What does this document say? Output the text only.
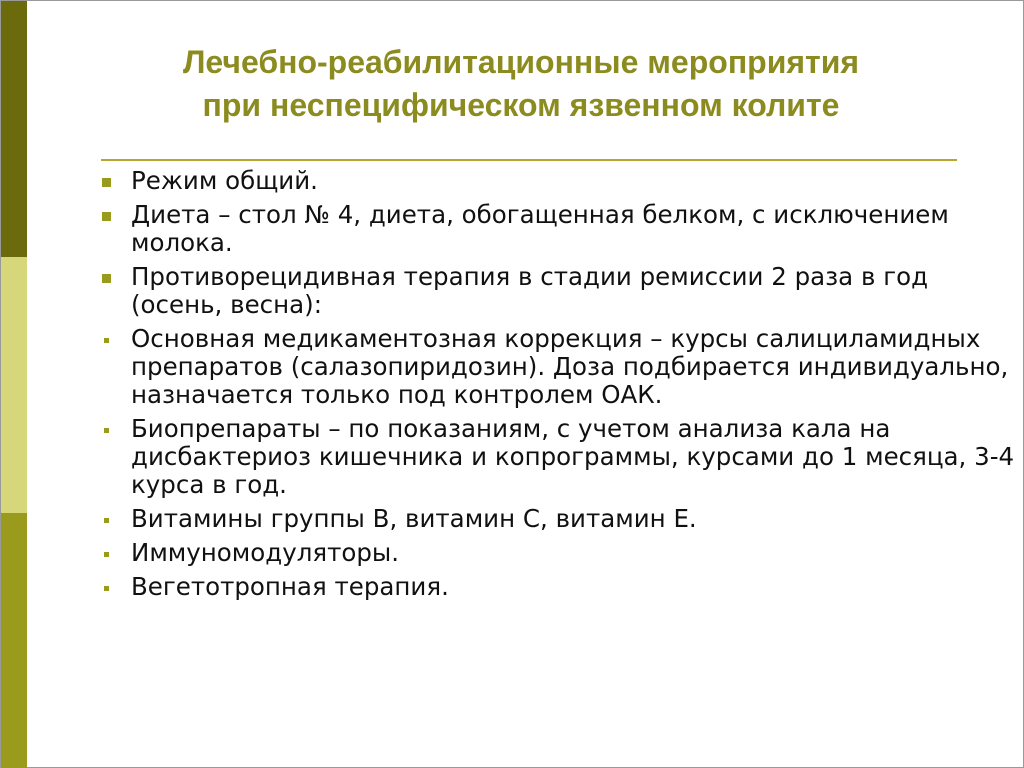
Лечебно-реабилитационные мероприятия
при неспецифическом язвенном колите
Режим общий.
Диета – стол № 4, диета, обогащенная белком, с исключением молока.
Противорецидивная терапия в стадии ремиссии 2 раза в год (осень, весна):
Основная медикаментозная коррекция – курсы салициламидных препаратов (салазопиридозин). Доза подбирается индивидуально, назначается только под контролем ОАК.
Биопрепараты – по показаниям, с учетом анализа кала на дисбактериоз кишечника и копрограммы, курсами до 1 месяца, 3-4 курса в год.
Витамины группы В, витамин С, витамин Е.
Иммуномодуляторы.
Вегетотропная терапия.
